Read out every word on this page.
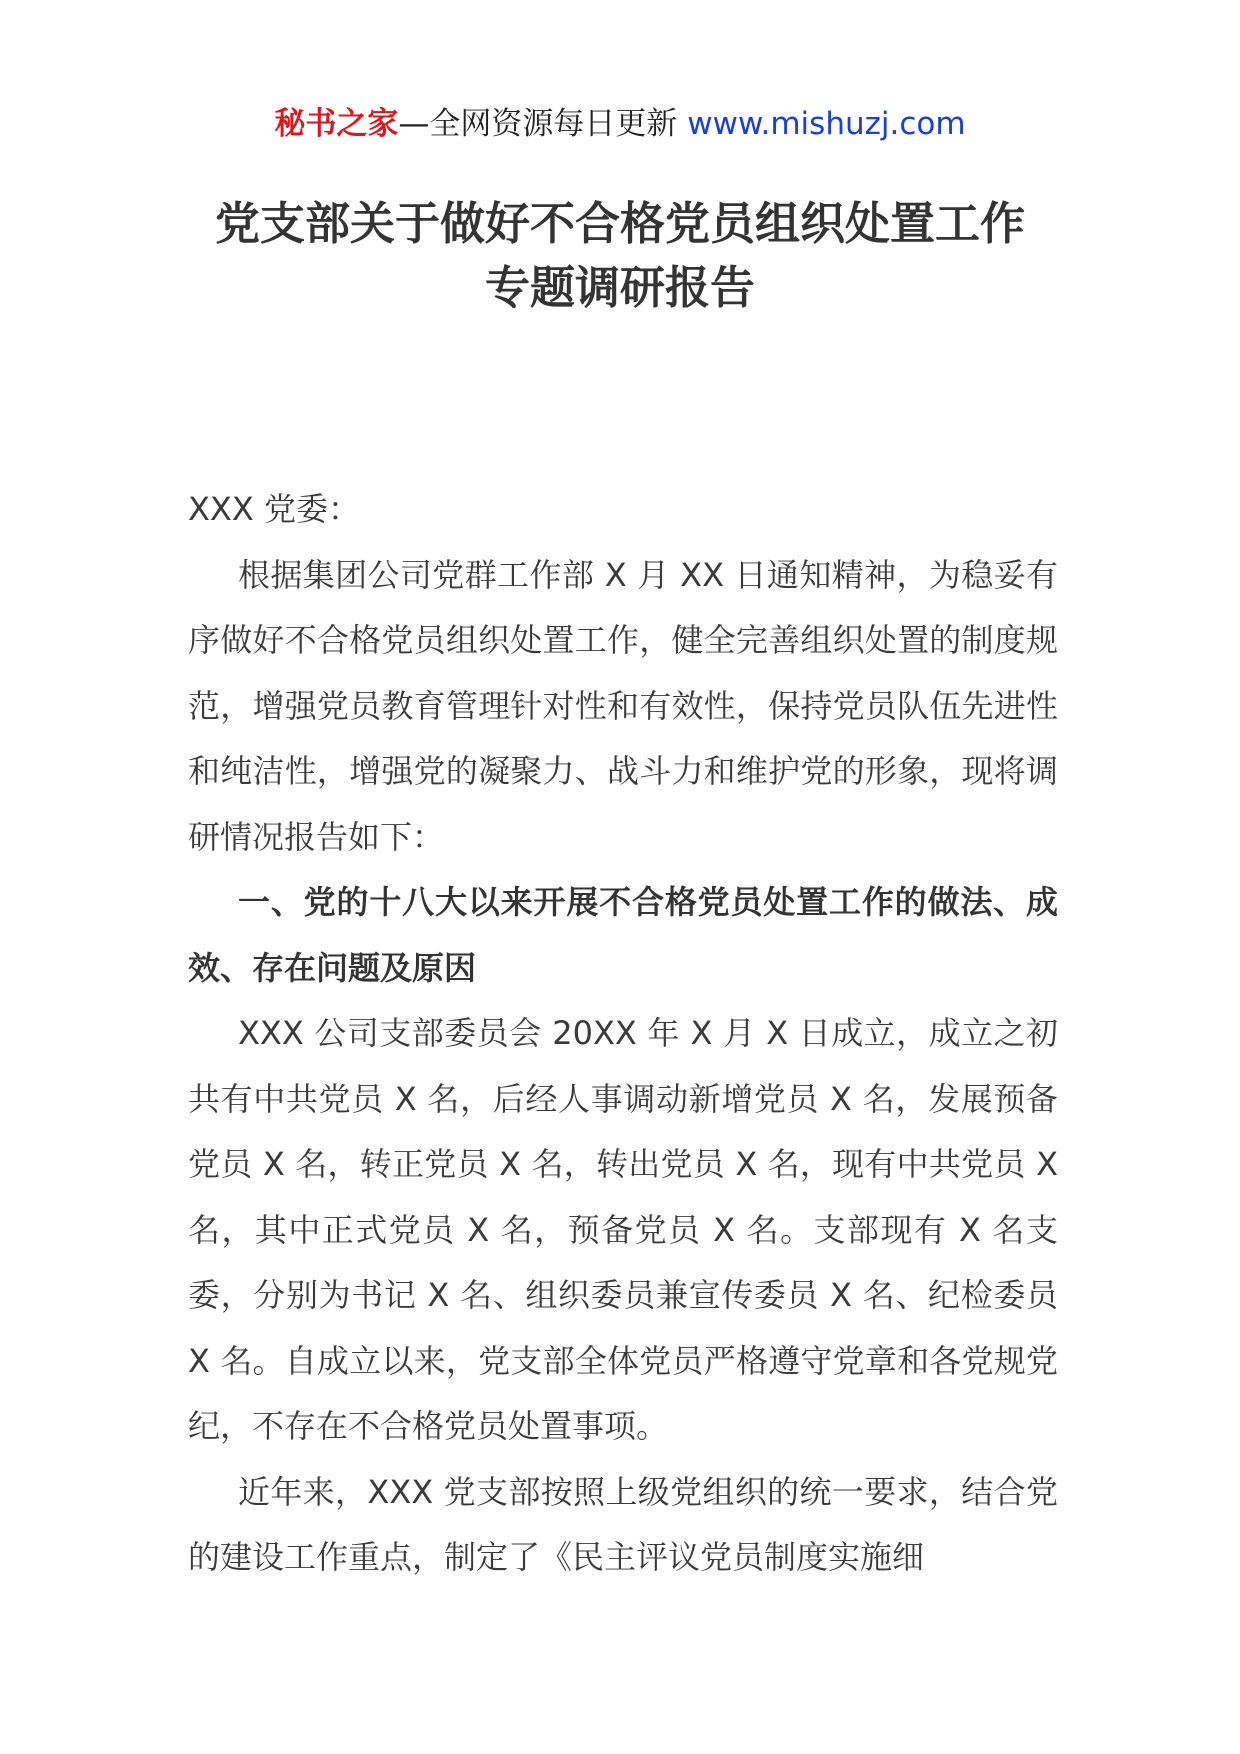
秘书之家—全网资源每日更新 www.mishuzj.com
党支部关于做好不合格党员组织处置工作
专题调研报告

XXX 党委：

根据集团公司党群工作部 X 月 XX 日通知精神，为稳妥有序做好不合格党员组织处置工作，健全完善组织处置的制度规范，增强党员教育管理针对性和有效性，保持党员队伍先进性和纯洁性，增强党的凝聚力、战斗力和维护党的形象，现将调研情况报告如下：

一、党的十八大以来开展不合格党员处置工作的做法、成效、存在问题及原因

XXX 公司支部委员会 20XX 年 X 月 X 日成立，成立之初共有中共党员 X 名，后经人事调动新增党员 X 名，发展预备党员 X 名，转正党员 X 名，转出党员 X 名，现有中共党员 X 名，其中正式党员 X 名，预备党员 X 名。支部现有 X 名支委，分别为书记 X 名、组织委员兼宣传委员 X 名、纪检委员 X 名。自成立以来，党支部全体党员严格遵守党章和各党规党纪，不存在不合格党员处置事项。

近年来，XXX 党支部按照上级党组织的统一要求，结合党的建设工作重点，制定了《民主评议党员制度实施细
